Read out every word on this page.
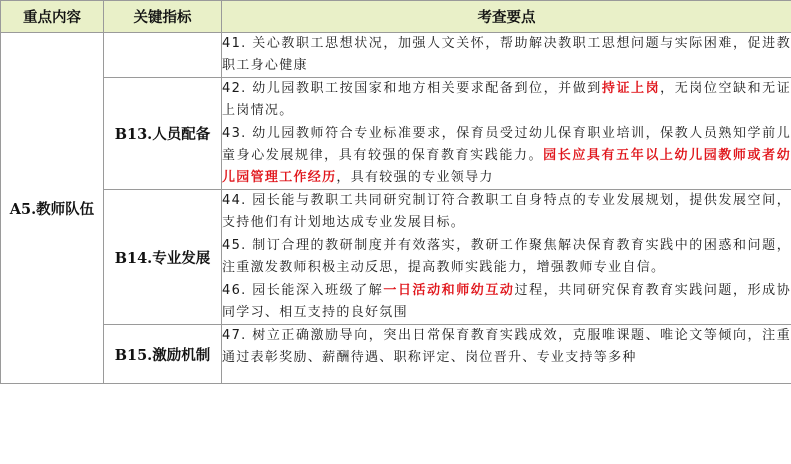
重点内容	关键指标	考查要点
A5.教师队伍		41. 关心教职工思想状况，加强人文关怀，帮助解决教职工思想问题与实际困难，促进教职工身心健康

	B13.人员配备	42. 幼儿园教职工按国家和地方相关要求配备到位，并做到持证上岗，无岗位空缺和无证上岗情况。

43. 幼儿园教师符合专业标准要求，保育员受过幼儿保育职业培训，保教人员熟知学前儿童身心发展规律，具有较强的保育教育实践能力。园长应具有五年以上幼儿园教师或者幼儿园管理工作经历，具有较强的专业领导力

	B14.专业发展	44. 园长能与教职工共同研究制订符合教职工自身特点的专业发展规划，提供发展空间，支持他们有计划地达成专业发展目标。

45. 制订合理的教研制度并有效落实，教研工作聚焦解决保育教育实践中的困惑和问题，注重激发教师积极主动反思，提高教师实践能力，增强教师专业自信。

46. 园长能深入班级了解一日活动和师幼互动过程，共同研究保育教育实践问题，形成协同学习、相互支持的良好氛围

	B15.激励机制	47. 树立正确激励导向，突出日常保育教育实践成效，克服唯课题、唯论文等倾向，注重通过表彰奖励、薪酬待遇、职称评定、岗位晋升、专业支持等多种
